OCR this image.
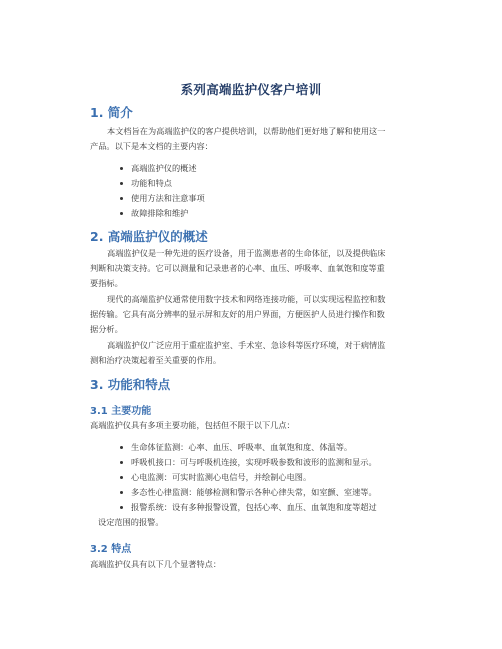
系列高端监护仪客户培训
1. 简介
本文档旨在为高端监护仪的客户提供培训，以帮助他们更好地了解和使用这一
产品。以下是本文档的主要内容：
高端监护仪的概述
功能和特点
使用方法和注意事项
故障排除和维护
2. 高端监护仪的概述
高端监护仪是一种先进的医疗设备，用于监测患者的生命体征，以及提供临床
判断和决策支持。它可以测量和记录患者的心率、血压、呼吸率、血氧饱和度等重
要指标。
现代的高端监护仪通常使用数字技术和网络连接功能，可以实现远程监控和数
据传输。它具有高分辨率的显示屏和友好的用户界面，方便医护人员进行操作和数
据分析。
高端监护仪广泛应用于重症监护室、手术室、急诊科等医疗环境，对于病情监
测和治疗决策起着至关重要的作用。
3. 功能和特点
3.1 主要功能
高端监护仪具有多项主要功能，包括但不限于以下几点：
生命体征监测：心率、血压、呼吸率、血氧饱和度、体温等。
呼吸机接口：可与呼吸机连接，实现呼吸参数和波形的监测和显示。
心电监测：可实时监测心电信号，并绘制心电图。
多态性心律监测：能够检测和警示各种心律失常，如室颤、室速等。
报警系统：设有多种报警设置，包括心率、血压、血氧饱和度等超过
设定范围的报警。
3.2 特点
高端监护仪具有以下几个显著特点：
